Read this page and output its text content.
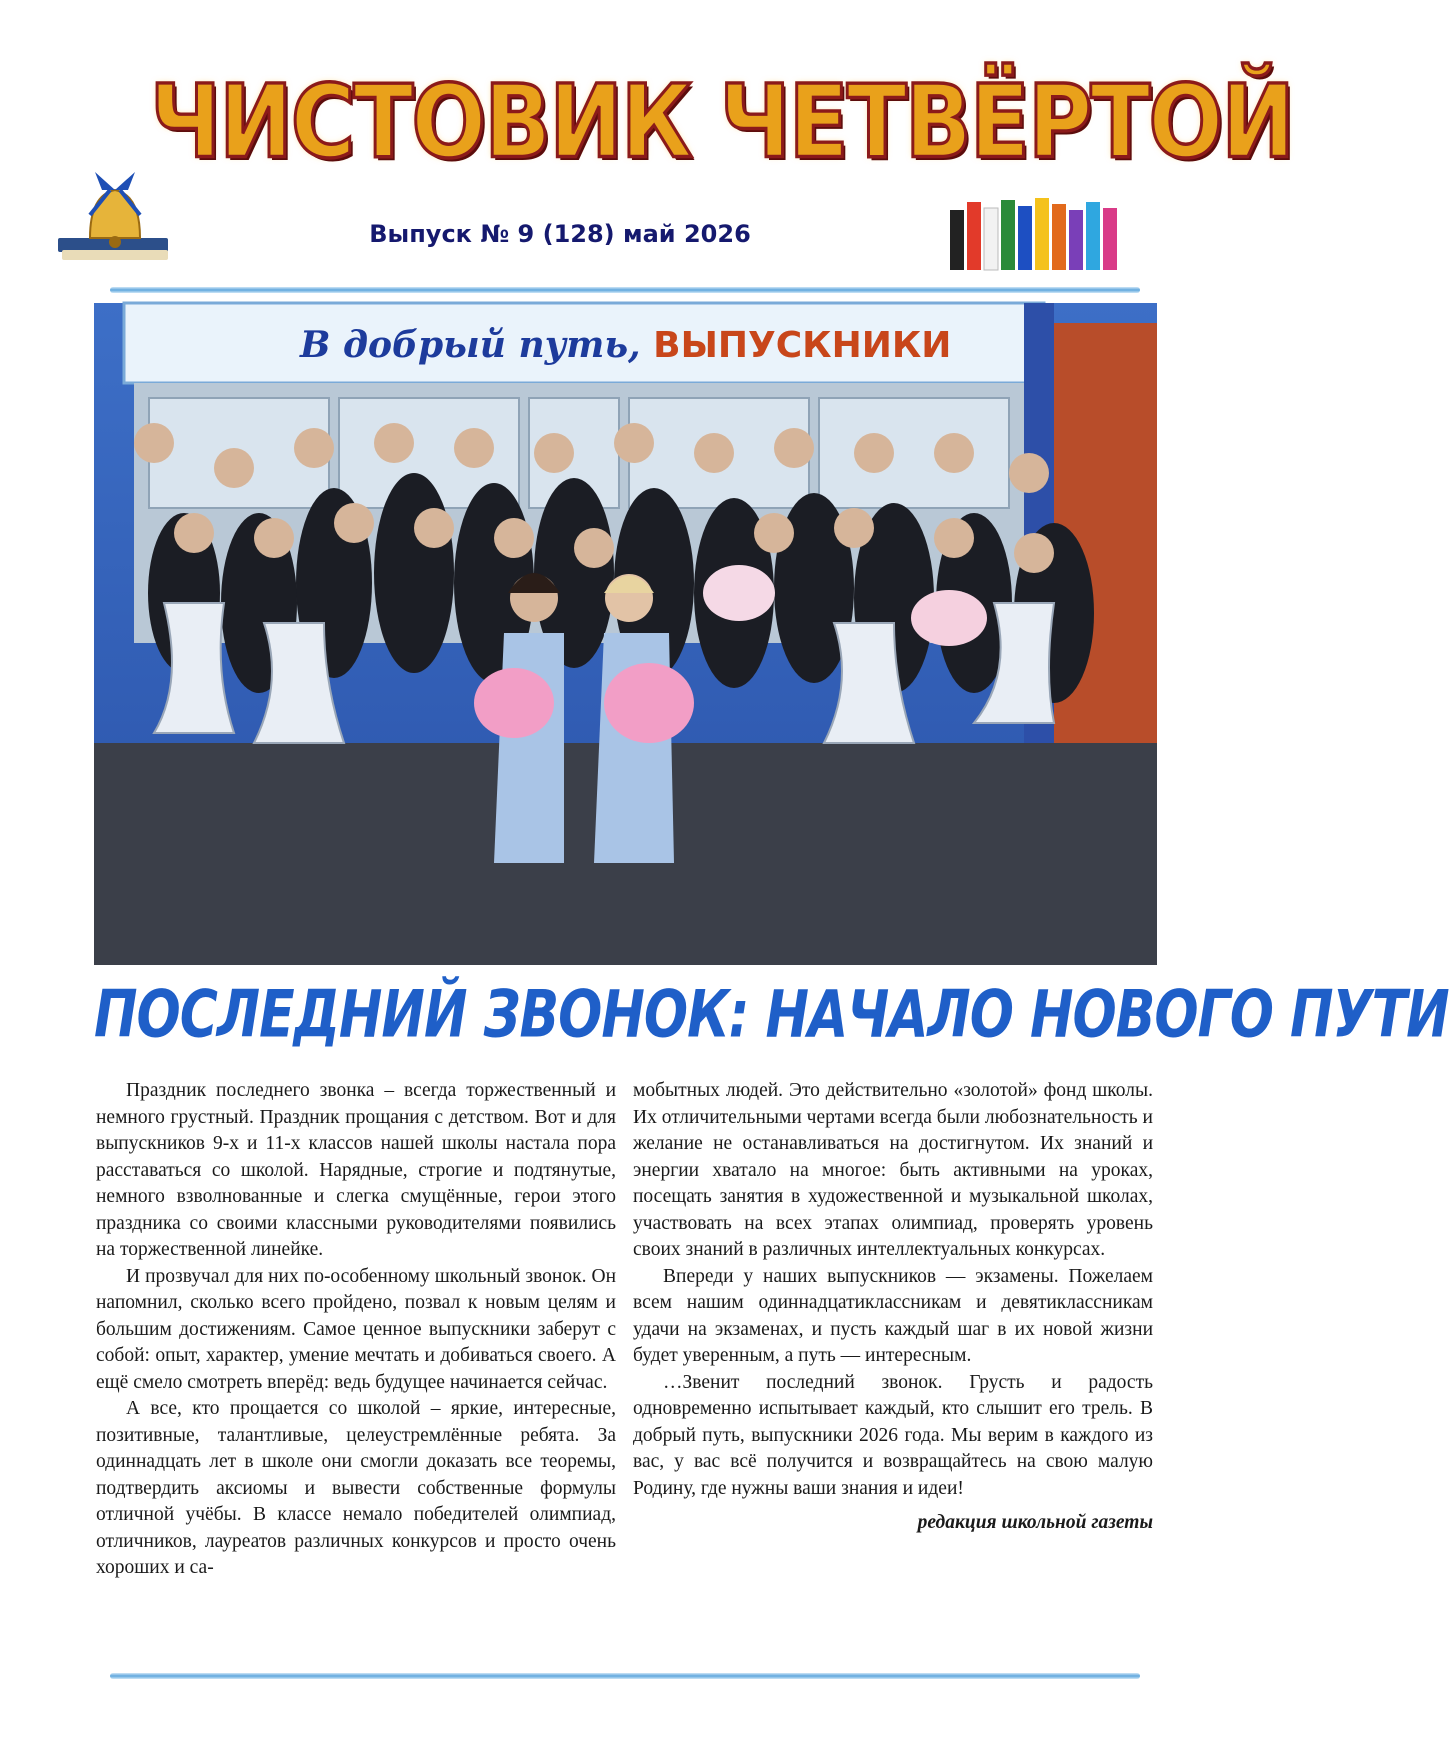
ЧИСТОВИК ЧЕТВЁРТОЙ
Выпуск № 9 (128) май 2026
В добрый путь, ВЫПУСКНИКИ
ПОСЛЕДНИЙ ЗВОНОК: НАЧАЛО НОВОГО ПУТИ

Праздник последнего звонка – всегда торжественный и немного грустный. Праздник прощания с детством. Вот и для выпускников 9-х и 11-х классов нашей школы настала пора расставаться со школой. Нарядные, строгие и подтянутые, немного взволнованные и слегка смущённые, герои этого праздника со своими классными руководителями появились на торжественной линейке.

И прозвучал для них по-особенному школьный звонок. Он напомнил, сколько всего пройдено, позвал к новым целям и большим достижениям. Самое ценное выпускники заберут с собой: опыт, характер, умение мечтать и добиваться своего. А ещё смело смотреть вперёд: ведь будущее начинается сейчас.

А все, кто прощается со школой – яркие, интересные, позитивные, талантливые, целеустремлённые ребята. За одиннадцать лет в школе они смогли доказать все теоремы, подтвердить аксиомы и вывести собственные формулы отличной учёбы. В классе немало победителей олимпиад, отличников, лауреатов различных конкурсов и просто очень хороших и са-

мобытных людей. Это действительно «золотой» фонд школы. Их отличительными чертами всегда были любознательность и желание не останавливаться на достигнутом. Их знаний и энергии хватало на многое: быть активными на уроках, посещать занятия в художественной и музыкальной школах, участвовать на всех этапах олимпиад, проверять уровень своих знаний в различных интеллектуальных конкурсах.

Впереди у наших выпускников — экзамены. Пожелаем всем нашим одиннадцатиклассникам и девятиклассникам удачи на экзаменах, и пусть каждый шаг в их новой жизни будет уверенным, а путь — интересным.

…Звенит последний звонок. Грусть и радость одновременно испытывает каждый, кто слышит его трель. В добрый путь, выпускники 2026 года. Мы верим в каждого из вас, у вас всё получится и возвращайтесь на свою малую Родину, где нужны ваши знания и идеи!

редакция школьной газеты
